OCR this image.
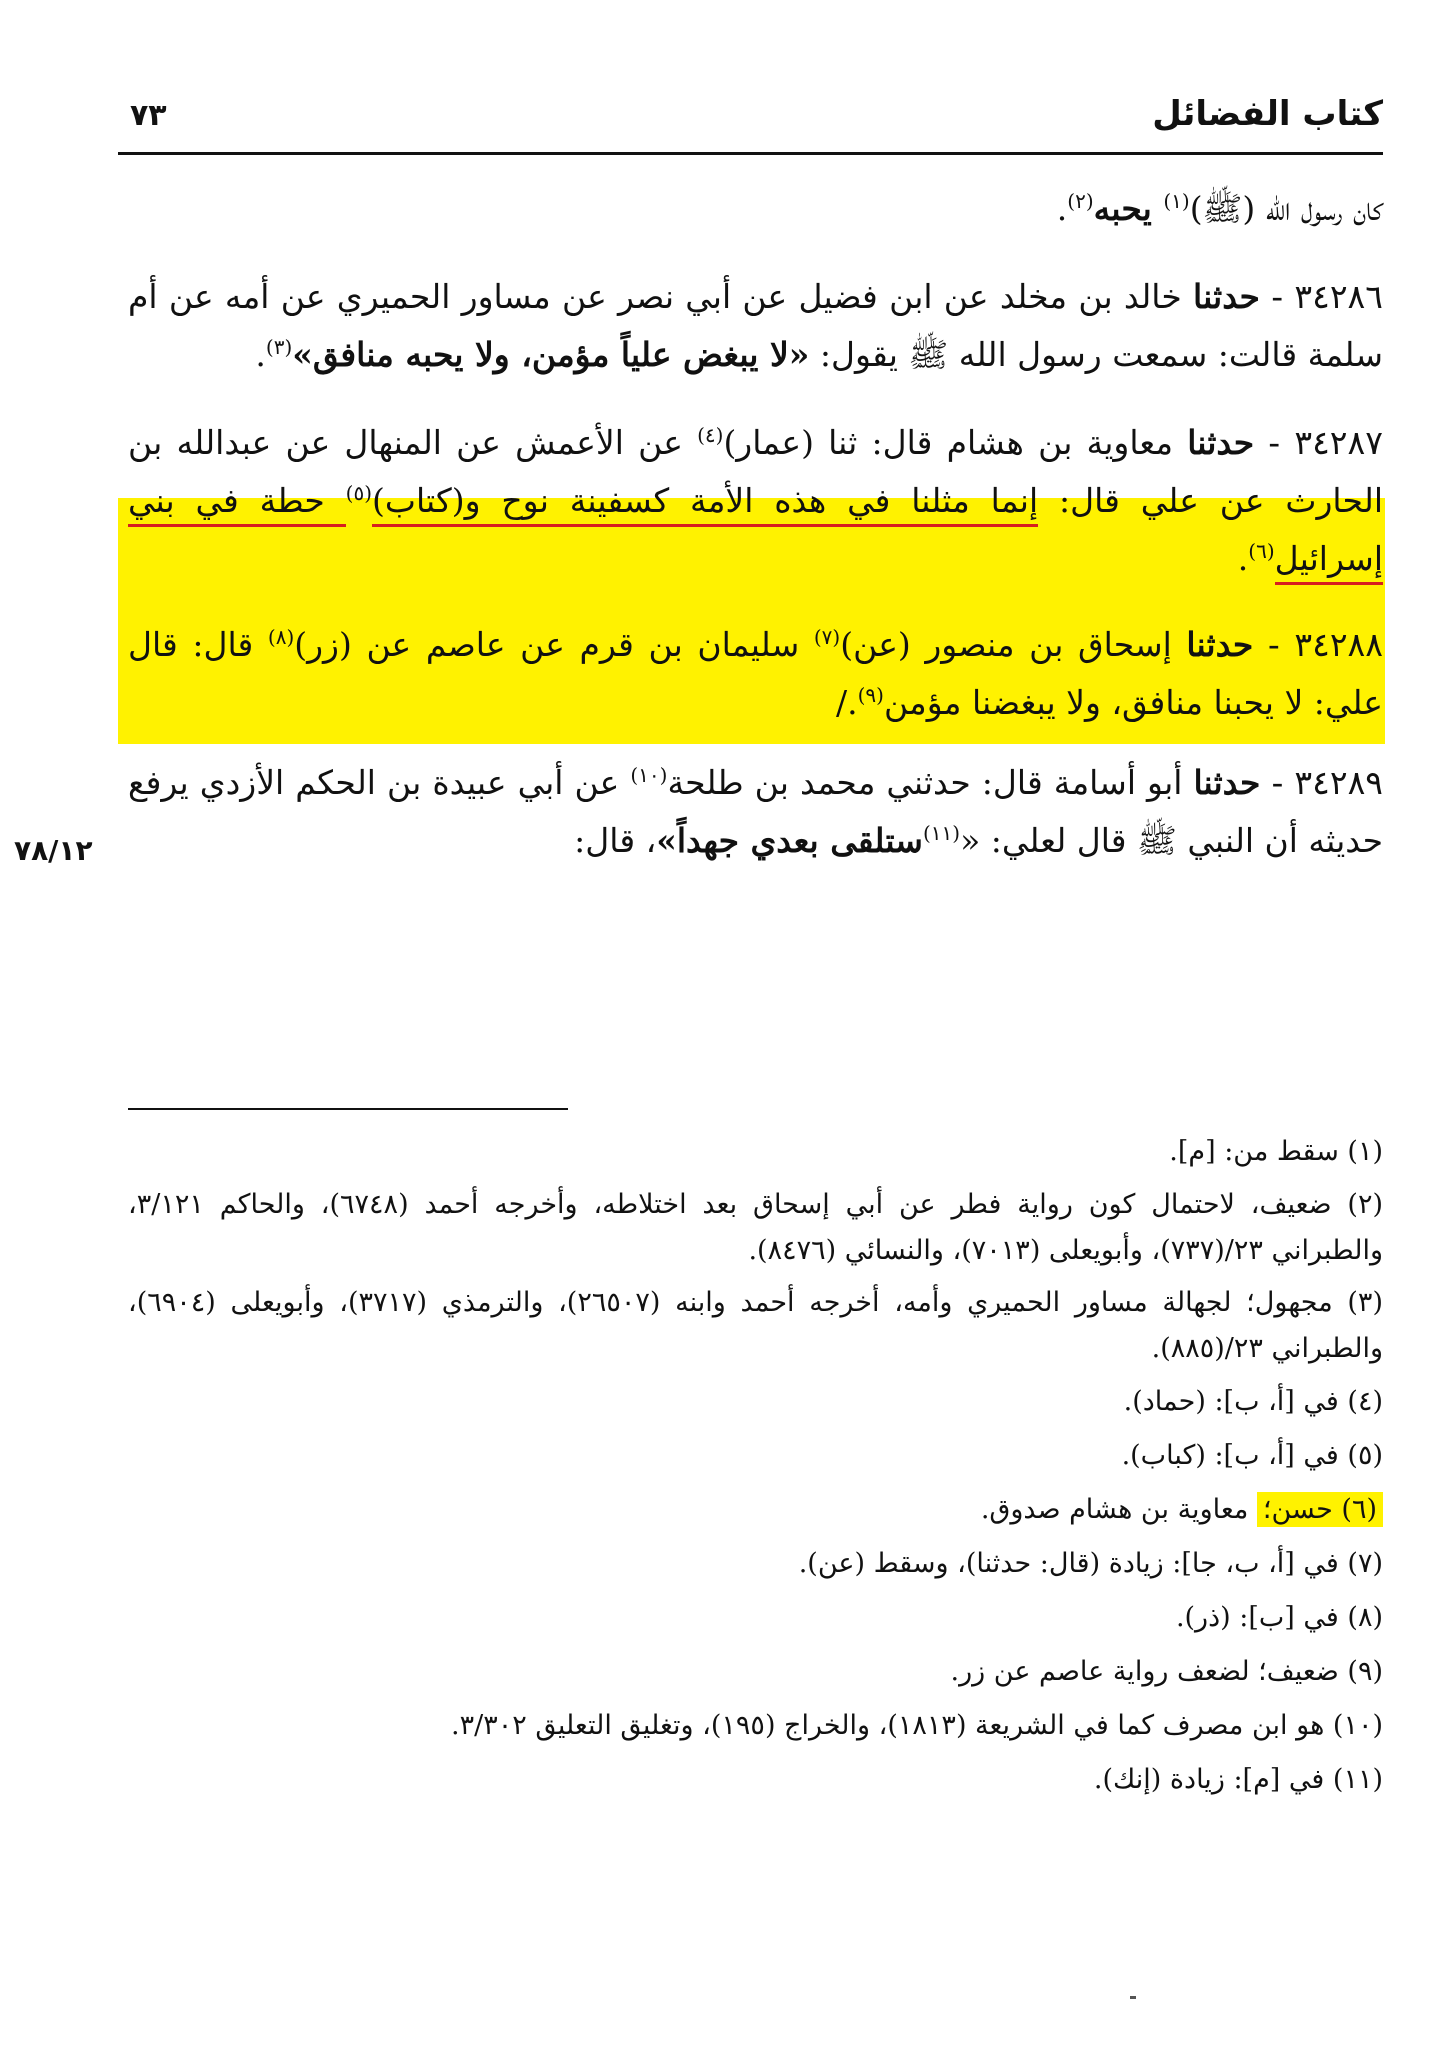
كتاب الفضائل
٧٣
٧٨/١٢

كان رسول الله (ﷺ)$^{(١)}$ يحبه$^{(٢)}$.

٣٤٢٨٦ - حدثنا خالد بن مخلد عن ابن فضيل عن أبي نصر عن مساور الحميري عن أمه عن أم سلمة قالت: سمعت رسول الله ﷺ يقول: «لا يبغض علياً مؤمن، ولا يحبه منافق»$^{(٣)}$.

٣٤٢٨٧ - حدثنا معاوية بن هشام قال: ثنا (عمار)$^{(٤)}$ عن الأعمش عن المنهال عن عبدالله بن الحارث عن علي قال: إنما مثلنا في هذه الأمة كسفينة نوح و(كتاب)$^{(٥)}$ حطة في بني إسرائيل$^{(٦)}$.

٣٤٢٨٨ - حدثنا إسحاق بن منصور (عن)$^{(٧)}$ سليمان بن قرم عن عاصم عن (زر)$^{(٨)}$ قال: قال علي: لا يحبنا منافق، ولا يبغضنا مؤمن$^{(٩)}$./

٣٤٢٨٩ - حدثنا أبو أسامة قال: حدثني محمد بن طلحة$^{(١٠)}$ عن أبي عبيدة بن الحكم الأزدي يرفع حديثه أن النبي ﷺ قال لعلي: «$^{(١١)}$ستلقى بعدي جهداً»، قال:

(١) سقط من: [م].
(٢) ضعيف، لاحتمال كون رواية فطر عن أبي إسحاق بعد اختلاطه، وأخرجه أحمد (٦٧٤٨)، والحاكم ٣/١٢١، والطبراني ٢٣/(٧٣٧)، وأبويعلى (٧٠١٣)، والنسائي (٨٤٧٦).
(٣) مجهول؛ لجهالة مساور الحميري وأمه، أخرجه أحمد وابنه (٢٦٥٠٧)، والترمذي (٣٧١٧)، وأبويعلى (٦٩٠٤)، والطبراني ٢٣/(٨٨٥).
(٤) في [أ، ب]: (حماد).
(٥) في [أ، ب]: (كباب).
(٦) حسن؛ معاوية بن هشام صدوق.
(٧) في [أ، ب، جا]: زيادة (قال: حدثنا)، وسقط (عن).
(٨) في [ب]: (ذر).
(٩) ضعيف؛ لضعف رواية عاصم عن زر.
(١٠) هو ابن مصرف كما في الشريعة (١٨١٣)، والخراج (١٩٥)، وتغليق التعليق ٣/٣٠٢.
(١١) في [م]: زيادة (إنك).
